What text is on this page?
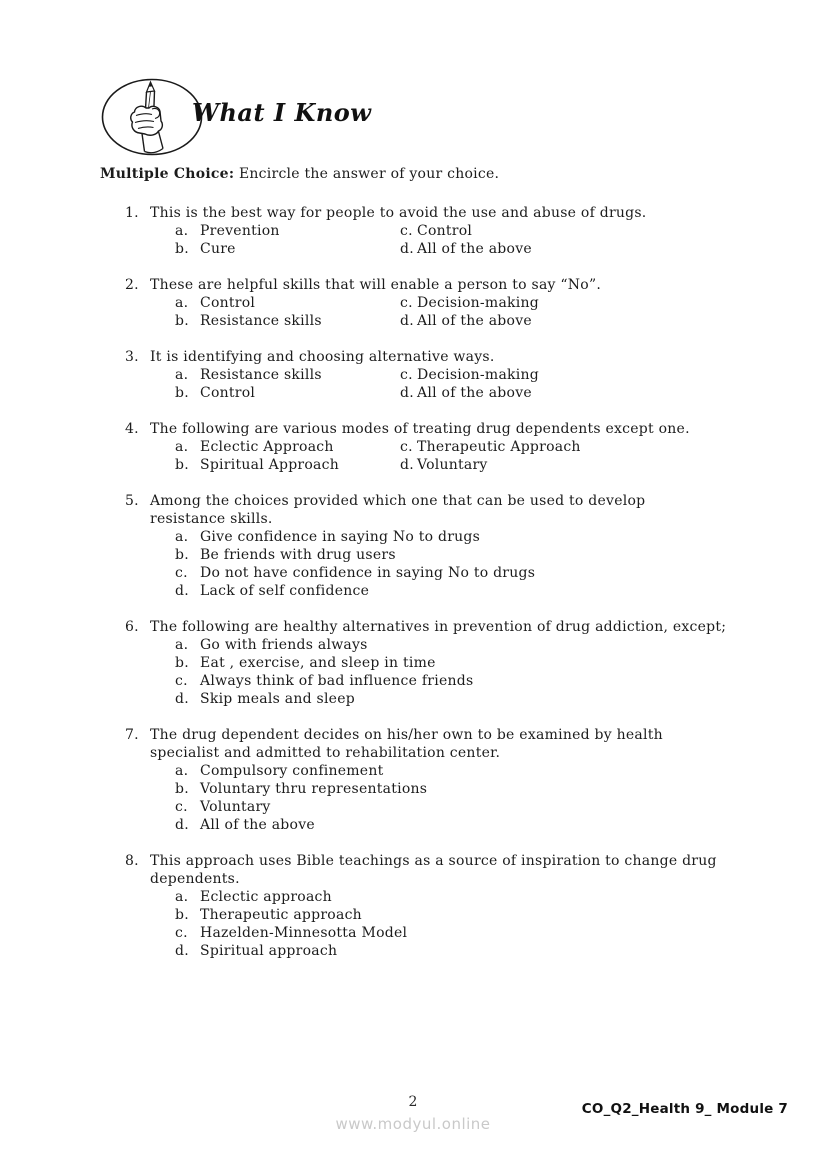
What I Know
Multiple Choice: Encircle the answer of your choice.
1. This is the best way for people to avoid the use and abuse of drugs.
a. Prevention
b. Cure
c. Control
d. All of the above
2. These are helpful skills that will enable a person to say “No”.
a. Control
b. Resistance skills
c. Decision-making
d. All of the above
3. It is identifying and choosing alternative ways.
a. Resistance skills
b. Control
c. Decision-making
d. All of the above
4. The following are various modes of treating drug dependents except one.
a. Eclectic Approach
b. Spiritual Approach
c. Therapeutic Approach
d. Voluntary
5. Among the choices provided which one that can be used to develop
resistance skills.
a. Give confidence in saying No to drugs
b. Be friends with drug users
c. Do not have confidence in saying No to drugs
d. Lack of self confidence
6. The following are healthy alternatives in prevention of drug addiction, except;
a. Go with friends always
b. Eat , exercise, and sleep in time
c. Always think of bad influence friends
d. Skip meals and sleep
7. The drug dependent decides on his/her own to be examined by health
specialist and admitted to rehabilitation center.
a. Compulsory confinement
b. Voluntary thru representations
c. Voluntary
d. All of the above
8. This approach uses Bible teachings as a source of inspiration to change drug
dependents.
a. Eclectic approach
b. Therapeutic approach
c. Hazelden-Minnesotta Model
d. Spiritual approach
2
www.modyul.online
CO_Q2_Health 9_ Module 7
